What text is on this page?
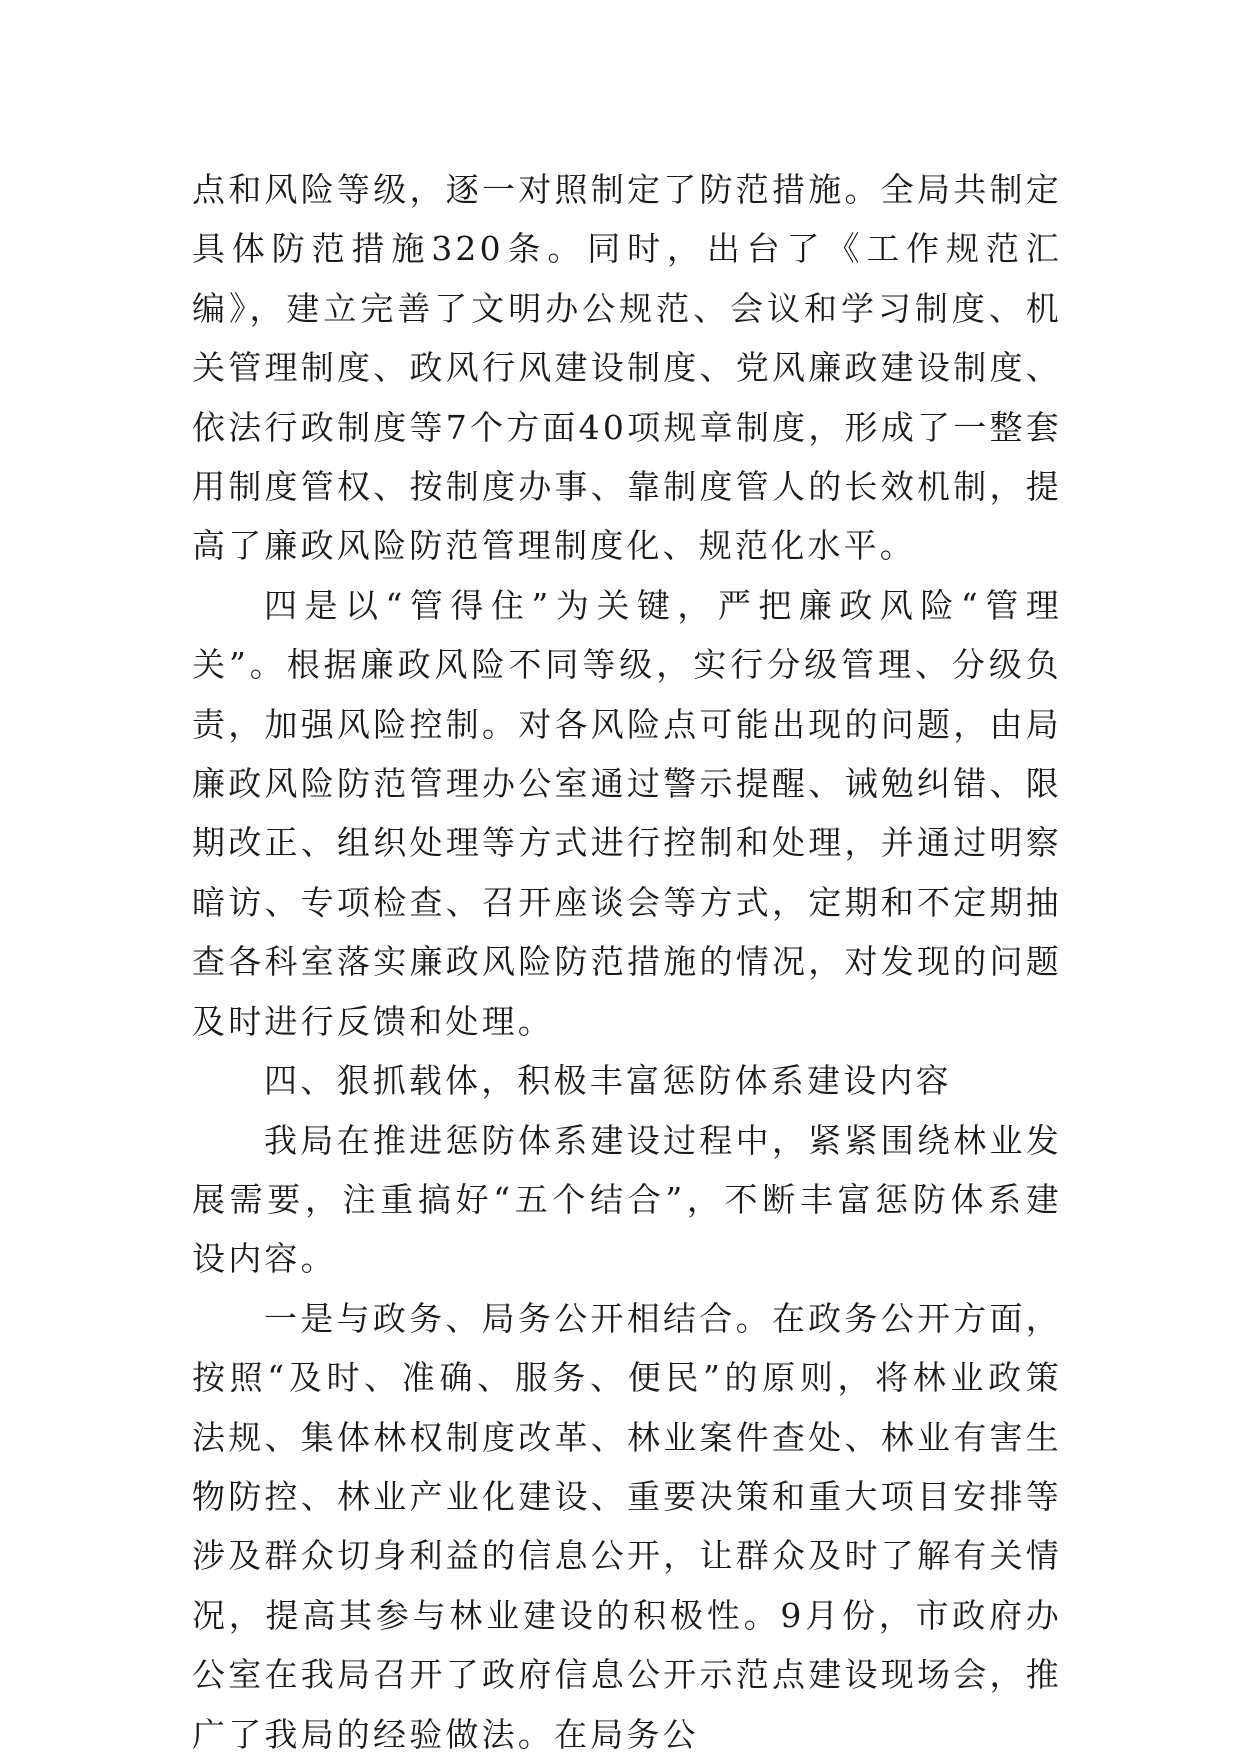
点和风险等级，逐一对照制定了防范措施。全局共制定具体防范措施320条。同时，出台了《工作规范汇编》，建立完善了文明办公规范、会议和学习制度、机关管理制度、政风行风建设制度、党风廉政建设制度、依法行政制度等7个方面40项规章制度，形成了一整套用制度管权、按制度办事、靠制度管人的长效机制，提高了廉政风险防范管理制度化、规范化水平。

四是以“管得住”为关键，严把廉政风险“管理关”。根据廉政风险不同等级，实行分级管理、分级负责，加强风险控制。对各风险点可能出现的问题，由局廉政风险防范管理办公室通过警示提醒、诫勉纠错、限期改正、组织处理等方式进行控制和处理，并通过明察暗访、专项检查、召开座谈会等方式，定期和不定期抽查各科室落实廉政风险防范措施的情况，对发现的问题及时进行反馈和处理。

四、狠抓载体，积极丰富惩防体系建设内容

我局在推进惩防体系建设过程中，紧紧围绕林业发展需要，注重搞好“五个结合”，不断丰富惩防体系建设内容。

一是与政务、局务公开相结合。在政务公开方面，按照“及时、准确、服务、便民”的原则，将林业政策法规、集体林权制度改革、林业案件查处、林业有害生物防控、林业产业化建设、重要决策和重大项目安排等涉及群众切身利益的信息公开，让群众及时了解有关情况，提高其参与林业建设的积极性。9月份，市政府办公室在我局召开了政府信息公开示范点建设现场会，推广了我局的经验做法。在局务公
